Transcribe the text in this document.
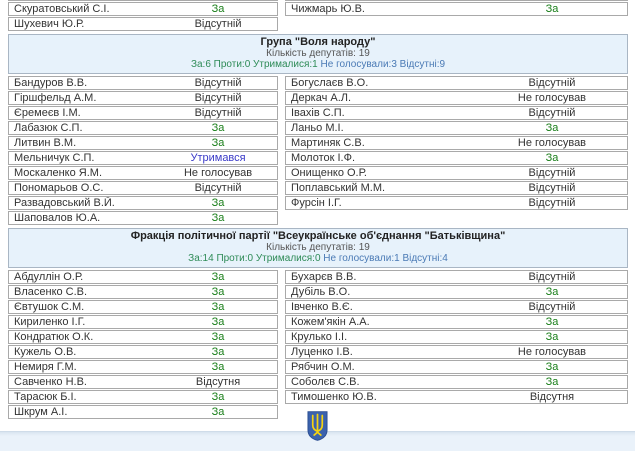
Скуратовський С.І.	За
Шухевич Ю.Р.	Відсутній
Чижмарь Ю.В.	За
Група "Воля народу"
Кількість депутатів: 19
За:6 Проти:0 Утрималися:1 Не голосували:3 Відсутні:9
Бандуров В.В.	Відсутній
Гіршфельд А.М.	Відсутній
Єремеєв І.М.	Відсутній
Лабазюк С.П.	За
Литвин В.М.	За
Мельничук С.П.	Утримався
Москаленко Я.М.	Не голосував
Пономарьов О.С.	Відсутній
Развадовський В.Й.	За
Шаповалов Ю.А.	За
Богуслаєв В.О.	Відсутній
Деркач А.Л.	Не голосував
Івахів С.П.	Відсутній
Ланьо М.І.	За
Мартиняк С.В.	Не голосував
Молоток І.Ф.	За
Онищенко О.Р.	Відсутній
Поплавський М.М.	Відсутній
Фурсін І.Г.	Відсутній
Фракція політичної партії "Всеукраїнське об'єднання "Батьківщина"
Кількість депутатів: 19
За:14 Проти:0 Утрималися:0 Не голосували:1 Відсутні:4
Абдуллін О.Р.	За
Власенко С.В.	За
Євтушок С.М.	За
Кириленко І.Г.	За
Кондратюк О.К.	За
Кужель О.В.	За
Немиря Г.М.	За
Савченко Н.В.	Відсутня
Тарасюк Б.І.	За
Шкрум А.І.	За
Бухарєв В.В.	Відсутній
Дубіль В.О.	За
Івченко В.Є.	Відсутній
Кожем'якін А.А.	За
Крулько І.І.	За
Луценко І.В.	Не голосував
Рябчин О.М.	За
Соболєв С.В.	За
Тимошенко Ю.В.	Відсутня
